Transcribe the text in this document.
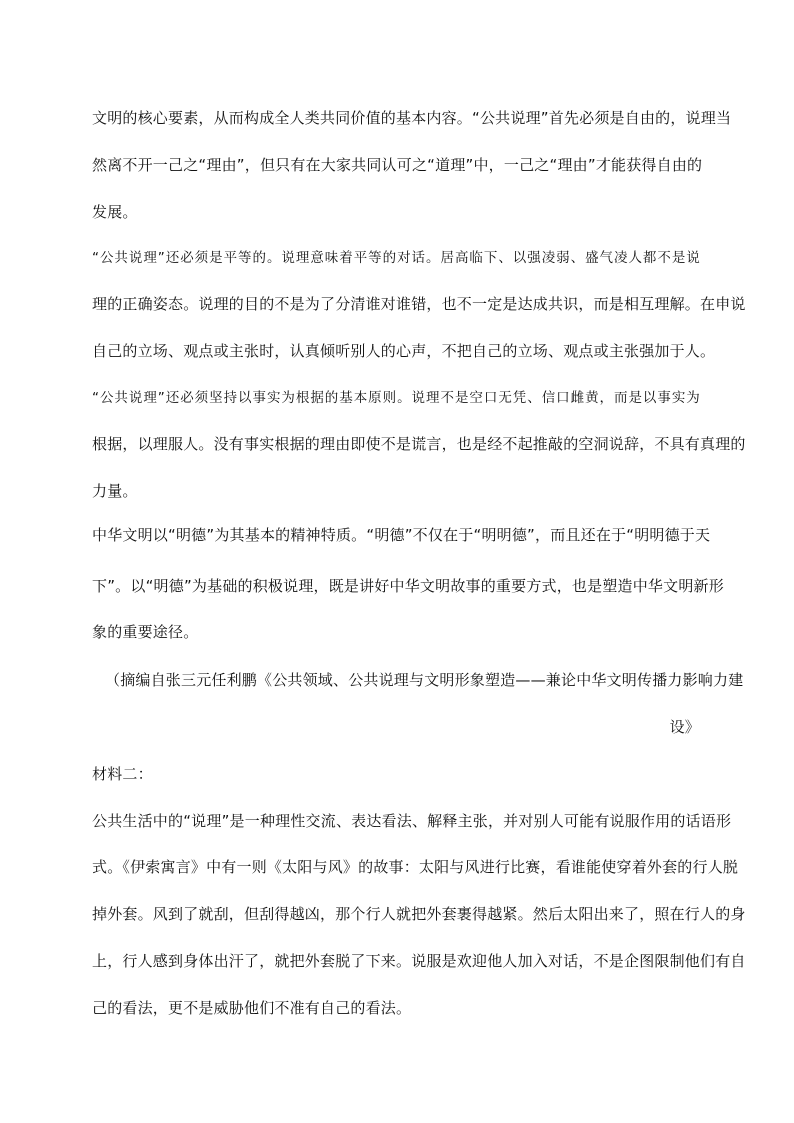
文明的核心要素，从而构成全人类共同价值的基本内容。“公共说理”首先必须是自由的，说理当
然离不开一己之“理由”，但只有在大家共同认可之“道理”中，一己之“理由”才能获得自由的
发展。
“公共说理”还必须是平等的。说理意味着平等的对话。居高临下、以强凌弱、盛气凌人都不是说
理的正确姿态。说理的目的不是为了分清谁对谁错，也不一定是达成共识，而是相互理解。在申说
自己的立场、观点或主张时，认真倾听别人的心声，不把自己的立场、观点或主张强加于人。
“公共说理”还必须坚持以事实为根据的基本原则。说理不是空口无凭、信口雌黄，而是以事实为
根据，以理服人。没有事实根据的理由即使不是谎言，也是经不起推敲的空洞说辞，不具有真理的
力量。
中华文明以“明德”为其基本的精神特质。“明德”不仅在于“明明德”，而且还在于“明明德于天
下”。以“明德”为基础的积极说理，既是讲好中华文明故事的重要方式，也是塑造中华文明新形
象的重要途径。
（摘编自张三元任利鹏《公共领域、公共说理与文明形象塑造——兼论中华文明传播力影响力建
设》
材料二：
公共生活中的“说理”是一种理性交流、表达看法、解释主张，并对别人可能有说服作用的话语形
式。《伊索寓言》中有一则《太阳与风》的故事：太阳与风进行比赛，看谁能使穿着外套的行人脱
掉外套。风到了就刮，但刮得越凶，那个行人就把外套裹得越紧。然后太阳出来了，照在行人的身
上，行人感到身体出汗了，就把外套脱了下来。说服是欢迎他人加入对话，不是企图限制他们有自
己的看法，更不是威胁他们不准有自己的看法。
